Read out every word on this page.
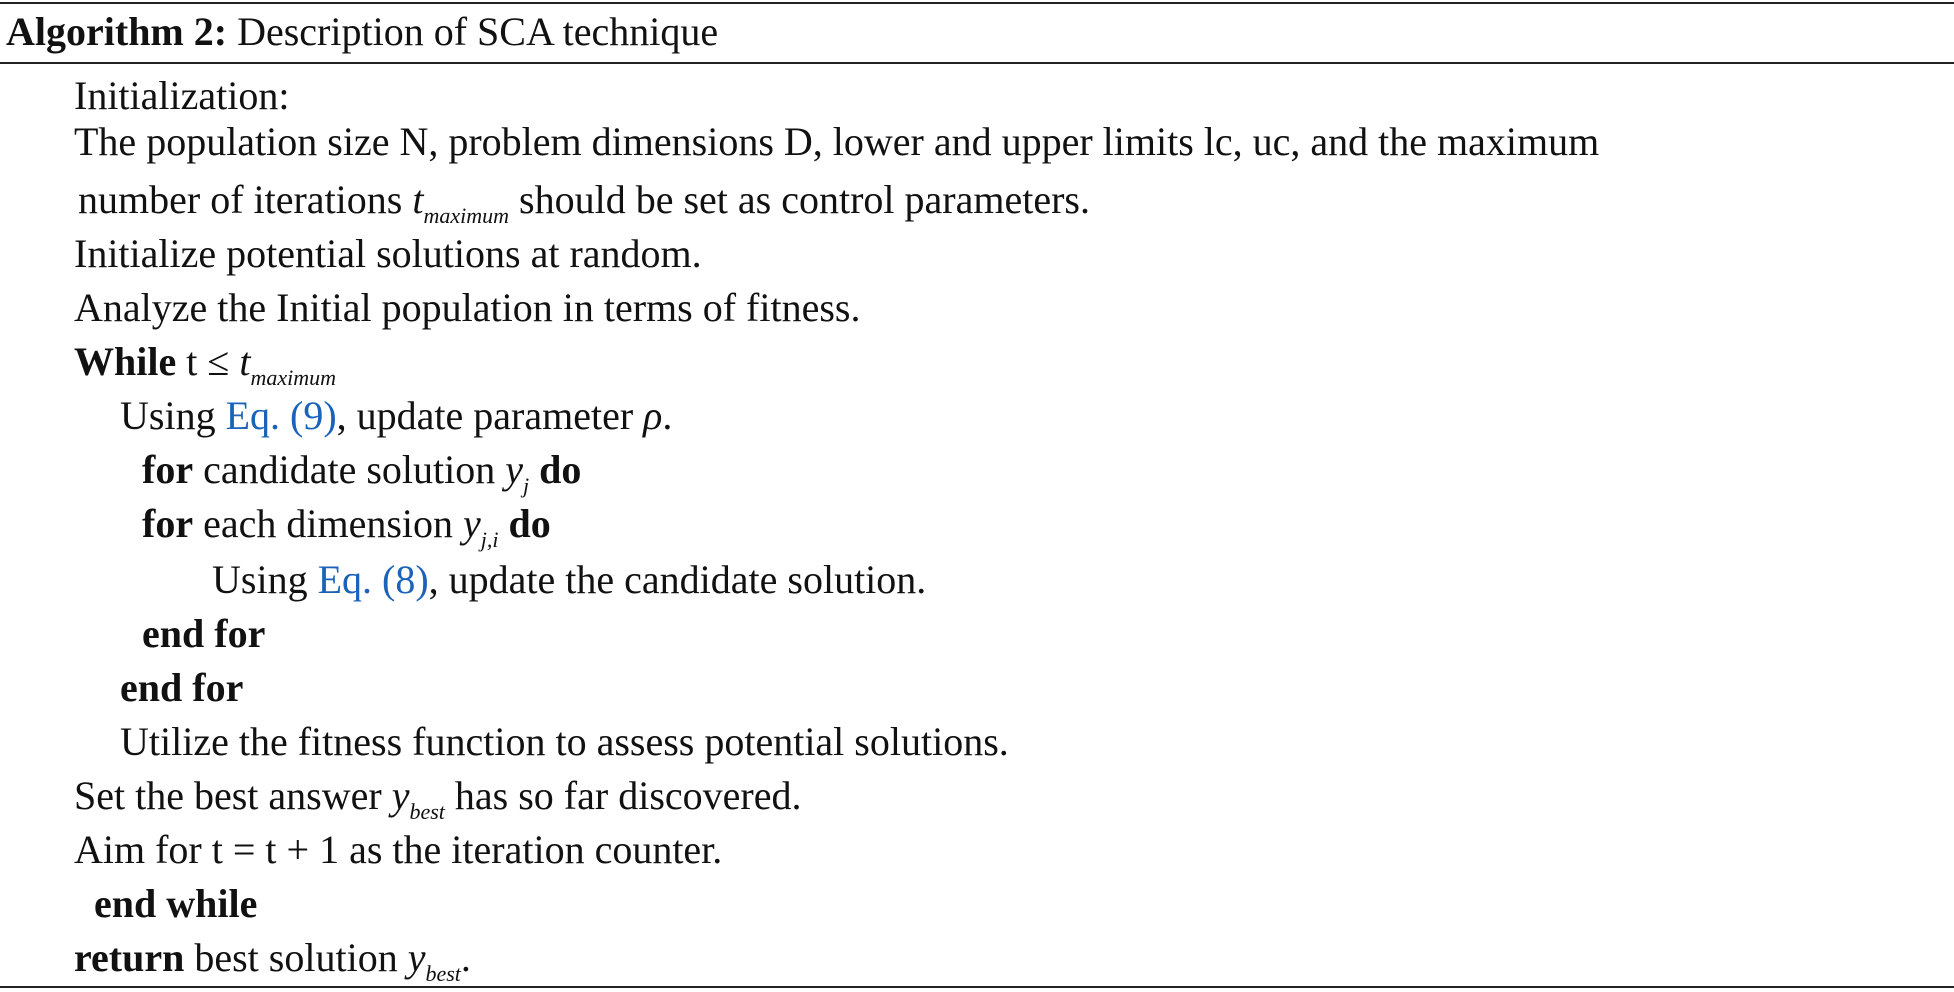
Algorithm 2: Description of SCA technique
Initialization:
The population size N, problem dimensions D, lower and upper limits lc, uc, and the maximum
number of iterations $t_{maximum}$ should be set as control parameters.
Initialize potential solutions at random.
Analyze the Initial population in terms of fitness.
While $t \le t_{maximum}$
Using Eq. (9), update parameter ρ.
for candidate solution $y_j$ do
for each dimension $y_{j,i}$ do
Using Eq. (8), update the candidate solution.
end for
end for
Utilize the fitness function to assess potential solutions.
Set the best answer $y_{best}$ has so far discovered.
Aim for t = t + 1 as the iteration counter.
end while
return best solution $y_{best}$.
